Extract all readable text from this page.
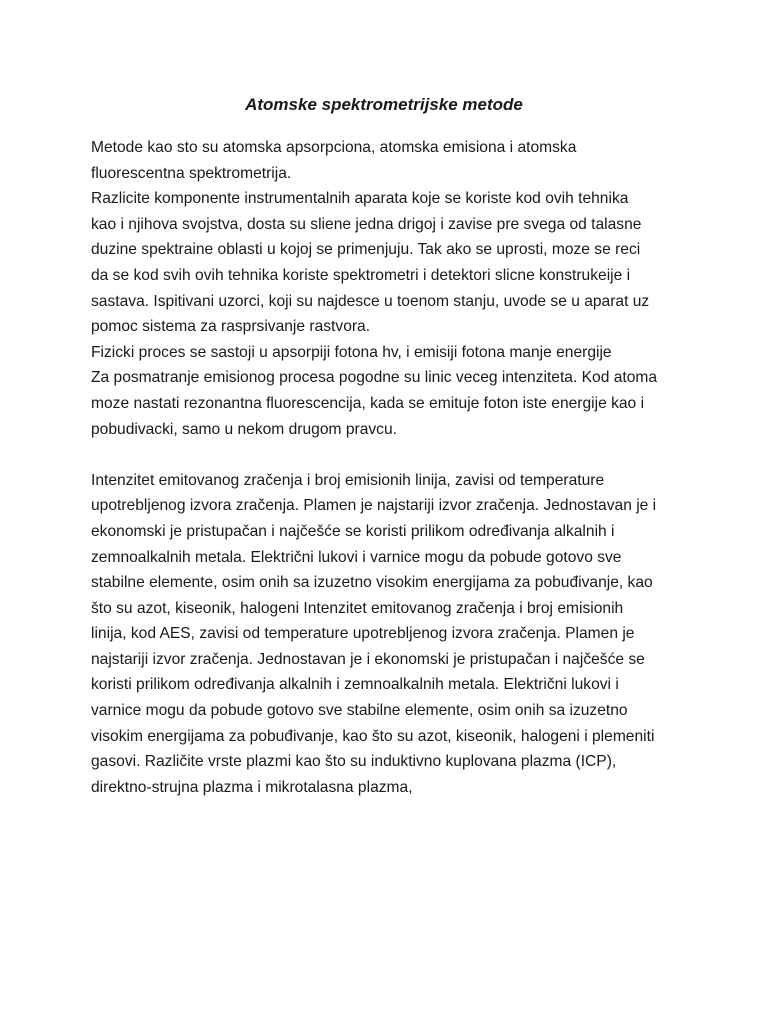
Atomske spektrometrijske metode
Metode kao sto su atomska apsorpciona, atomska emisiona i atomska
fluorescentna spektrometrija.
Razlicite komponente instrumentalnih aparata koje se koriste kod ovih tehnika
kao i njihova svojstva, dosta su sliene jedna drigoj i zavise pre svega od talasne
duzine spektraine oblasti u kojoj se primenjuju. Tak ako se uprosti, moze se reci
da se kod svih ovih tehnika koriste spektrometri i detektori slicne konstrukeije i
sastava. Ispitivani uzorci, koji su najdesce u toenom stanju, uvode se u aparat uz
pomoc sistema za rasprsivanje rastvora.
Fizicki proces se sastoji u apsorpiji fotona hv, i emisiji fotona manje energije
Za posmatranje emisionog procesa pogodne su linic veceg intenziteta. Kod atoma
moze nastati rezonantna fluorescencija, kada se emituje foton iste energije kao i
pobudivacki, samo u nekom drugom pravcu.
Intenzitet emitovanog zračenja i broj emisionih linija, zavisi od temperature
upotrebljenog izvora zračenja. Plamen je najstariji izvor zračenja. Jednostavan je i
ekonomski je pristupačan i najčešće se koristi prilikom određivanja alkalnih i
zemnoalkalnih metala. Električni lukovi i varnice mogu da pobude gotovo sve
stabilne elemente, osim onih sa izuzetno visokim energijama za pobuđivanje, kao
što su azot, kiseonik, halogeni Intenzitet emitovanog zračenja i broj emisionih
linija, kod AES, zavisi od temperature upotrebljenog izvora zračenja. Plamen je
najstariji izvor zračenja. Jednostavan je i ekonomski je pristupačan i najčešće se
koristi prilikom određivanja alkalnih i zemnoalkalnih metala. Električni lukovi i
varnice mogu da pobude gotovo sve stabilne elemente, osim onih sa izuzetno
visokim energijama za pobuđivanje, kao što su azot, kiseonik, halogeni i plemeniti
gasovi. Različite vrste plazmi kao što su induktivno kuplovana plazma (ICP),
direktno-strujna plazma i mikrotalasna plazma,
